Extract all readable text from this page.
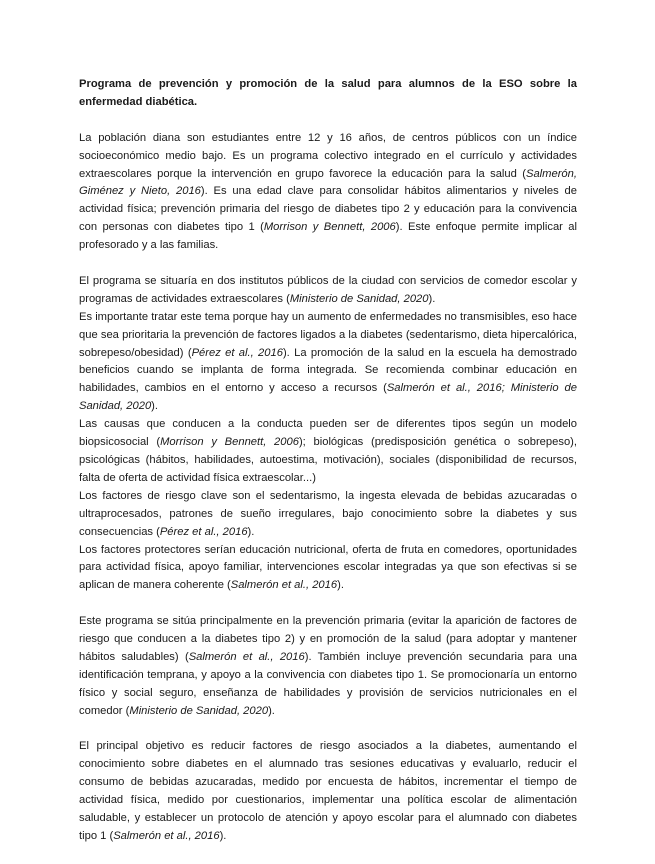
Programa de prevención y promoción de la salud para alumnos de la ESO sobre la enfermedad diabética.

La población diana son estudiantes entre 12 y 16 años, de centros públicos con un índice socioeconómico medio bajo. Es un programa colectivo integrado en el currículo y actividades extraescolares porque la intervención en grupo favorece la educación para la salud (Salmerón, Giménez y Nieto, 2016). Es una edad clave para consolidar hábitos alimentarios y niveles de actividad física; prevención primaria del riesgo de diabetes tipo 2 y educación para la convivencia con personas con diabetes tipo 1 (Morrison y Bennett, 2006). Este enfoque permite implicar al profesorado y a las familias.

El programa se situaría en dos institutos públicos de la ciudad con servicios de comedor escolar y programas de actividades extraescolares (Ministerio de Sanidad, 2020).

Es importante tratar este tema porque hay un aumento de enfermedades no transmisibles, eso hace que sea prioritaria la prevención de factores ligados a la diabetes (sedentarismo, dieta hipercalórica, sobrepeso/obesidad) (Pérez et al., 2016). La promoción de la salud en la escuela ha demostrado beneficios cuando se implanta de forma integrada. Se recomienda combinar educación en habilidades, cambios en el entorno y acceso a recursos (Salmerón et al., 2016; Ministerio de Sanidad, 2020).

Las causas que conducen a la conducta pueden ser de diferentes tipos según un modelo biopsicosocial (Morrison y Bennett, 2006); biológicas (predisposición genética o sobrepeso), psicológicas (hábitos, habilidades, autoestima, motivación), sociales (disponibilidad de recursos, falta de oferta de actividad física extraescolar...)

Los factores de riesgo clave son el sedentarismo, la ingesta elevada de bebidas azucaradas o ultraprocesados, patrones de sueño irregulares, bajo conocimiento sobre la diabetes y sus consecuencias (Pérez et al., 2016).

Los factores protectores serían educación nutricional, oferta de fruta en comedores, oportunidades para actividad física, apoyo familiar, intervenciones escolar integradas ya que son efectivas si se aplican de manera coherente (Salmerón et al., 2016).

Este programa se sitúa principalmente en la prevención primaria (evitar la aparición de factores de riesgo que conducen a la diabetes tipo 2) y en promoción de la salud (para adoptar y mantener hábitos saludables) (Salmerón et al., 2016). También incluye prevención secundaria para una identificación temprana, y apoyo a la convivencia con diabetes tipo 1. Se promocionaría un entorno físico y social seguro, enseñanza de habilidades y provisión de servicios nutricionales en el comedor (Ministerio de Sanidad, 2020).

El principal objetivo es reducir factores de riesgo asociados a la diabetes, aumentando el conocimiento sobre diabetes en el alumnado tras sesiones educativas y evaluarlo, reducir el consumo de bebidas azucaradas, medido por encuesta de hábitos, incrementar el tiempo de actividad física, medido por cuestionarios, implementar una política escolar de alimentación saludable, y establecer un protocolo de atención y apoyo escolar para el alumnado con diabetes tipo 1 (Salmerón et al., 2016).
